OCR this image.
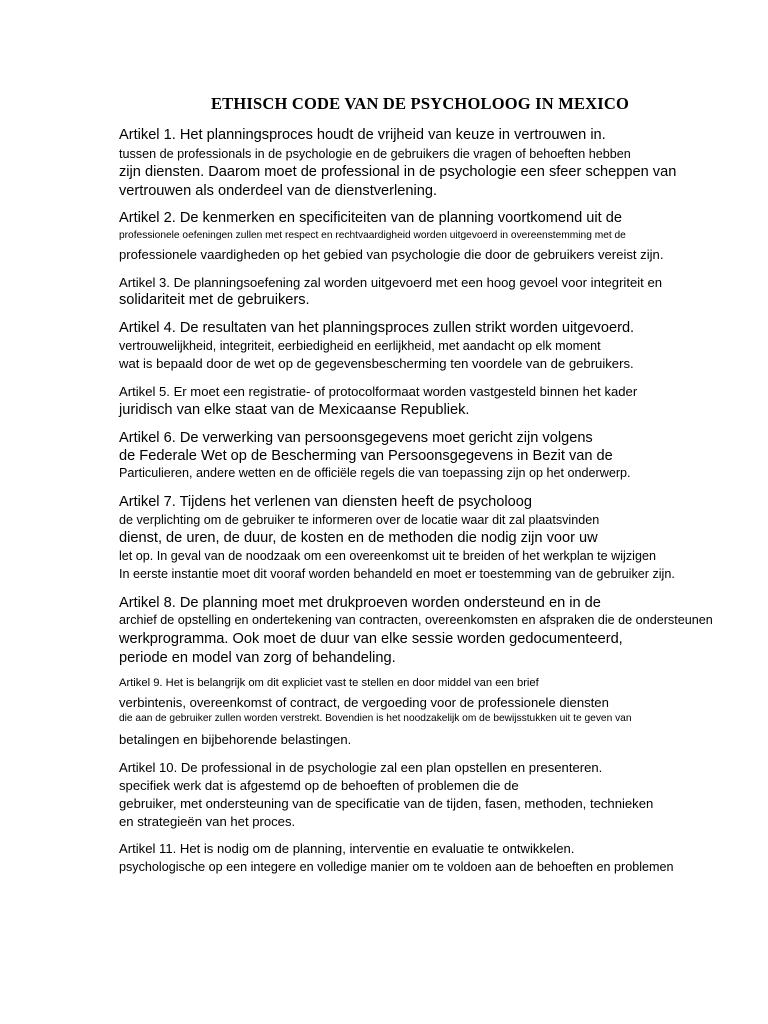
ETHISCH CODE VAN DE PSYCHOLOOG IN MEXICO
Artikel 1. Het planningsproces houdt de vrijheid van keuze in vertrouwen in.
tussen de professionals in de psychologie en de gebruikers die vragen of behoeften hebben
zijn diensten. Daarom moet de professional in de psychologie een sfeer scheppen van
vertrouwen als onderdeel van de dienstverlening.
Artikel 2. De kenmerken en specificiteiten van de planning voortkomend uit de
professionele oefeningen zullen met respect en rechtvaardigheid worden uitgevoerd in overeenstemming met de
professionele vaardigheden op het gebied van psychologie die door de gebruikers vereist zijn.
Artikel 3. De planningsoefening zal worden uitgevoerd met een hoog gevoel voor integriteit en
solidariteit met de gebruikers.
Artikel 4. De resultaten van het planningsproces zullen strikt worden uitgevoerd.
vertrouwelijkheid, integriteit, eerbiedigheid en eerlijkheid, met aandacht op elk moment
wat is bepaald door de wet op de gegevensbescherming ten voordele van de gebruikers.
Artikel 5. Er moet een registratie- of protocolformaat worden vastgesteld binnen het kader
juridisch van elke staat van de Mexicaanse Republiek.
Artikel 6. De verwerking van persoonsgegevens moet gericht zijn volgens
de Federale Wet op de Bescherming van Persoonsgegevens in Bezit van de
Particulieren, andere wetten en de officiële regels die van toepassing zijn op het onderwerp.
Artikel 7. Tijdens het verlenen van diensten heeft de psycholoog
de verplichting om de gebruiker te informeren over de locatie waar dit zal plaatsvinden
dienst, de uren, de duur, de kosten en de methoden die nodig zijn voor uw
let op. In geval van de noodzaak om een overeenkomst uit te breiden of het werkplan te wijzigen
In eerste instantie moet dit vooraf worden behandeld en moet er toestemming van de gebruiker zijn.
Artikel 8. De planning moet met drukproeven worden ondersteund en in de
archief de opstelling en ondertekening van contracten, overeenkomsten en afspraken die de ondersteunen
werkprogramma. Ook moet de duur van elke sessie worden gedocumenteerd,
periode en model van zorg of behandeling.
Artikel 9. Het is belangrijk om dit expliciet vast te stellen en door middel van een brief
verbintenis, overeenkomst of contract, de vergoeding voor de professionele diensten
die aan de gebruiker zullen worden verstrekt. Bovendien is het noodzakelijk om de bewijsstukken uit te geven van
betalingen en bijbehorende belastingen.
Artikel 10. De professional in de psychologie zal een plan opstellen en presenteren.
specifiek werk dat is afgestemd op de behoeften of problemen die de
gebruiker, met ondersteuning van de specificatie van de tijden, fasen, methoden, technieken
en strategieën van het proces.
Artikel 11. Het is nodig om de planning, interventie en evaluatie te ontwikkelen.
psychologische op een integere en volledige manier om te voldoen aan de behoeften en problemen
